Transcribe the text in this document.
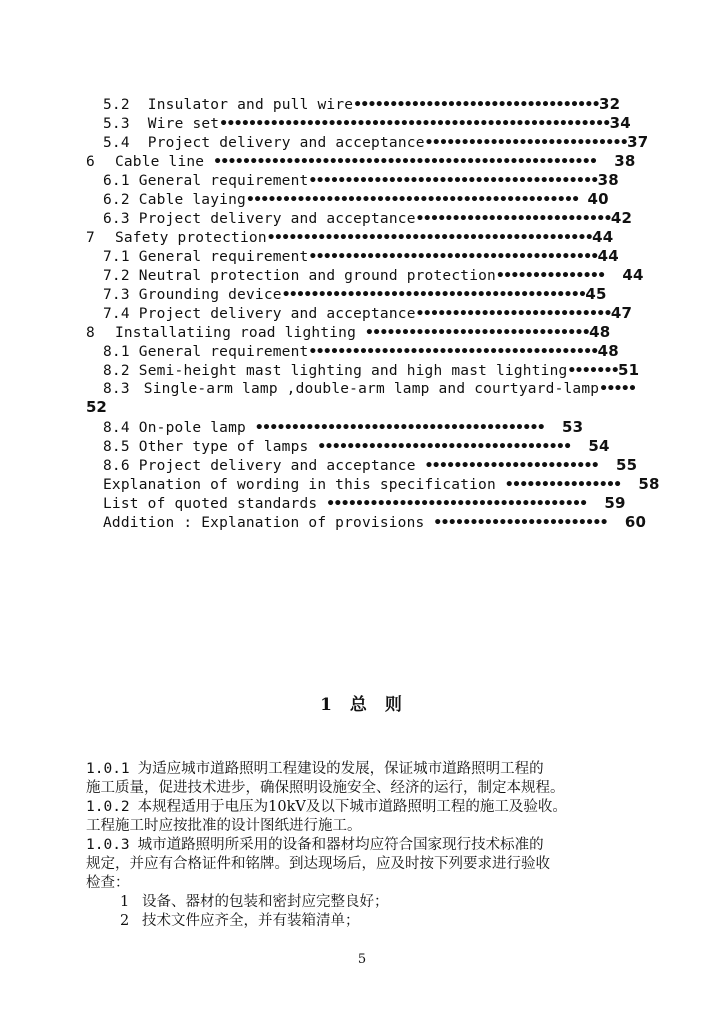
5.2 Insulator and pull wire••••••••••••••••••••••••••••••••••32
5.3 Wire set••••••••••••••••••••••••••••••••••••••••••••••••••••••34
5.4 Project delivery and acceptance••••••••••••••••••••••••••••37
6 Cable line ••••••••••••••••••••••••••••••••••••••••••••••••••••• 38
6.1 General requirement••••••••••••••••••••••••••••••••••••••••38
6.2 Cable laying•••••••••••••••••••••••••••••••••••••••••••••• 40
6.3 Project delivery and acceptance•••••••••••••••••••••••••••42
7 Safety protection•••••••••••••••••••••••••••••••••••••••••••••44
7.1 General requirement••••••••••••••••••••••••••••••••••••••••44
7.2 Neutral protection and ground protection••••••••••••••• 44
7.3 Grounding device••••••••••••••••••••••••••••••••••••••••••45
7.4 Project delivery and acceptance•••••••••••••••••••••••••••47
8 Installatiing road lighting •••••••••••••••••••••••••••••••48
8.1 General requirement••••••••••••••••••••••••••••••••••••••••48
8.2 Semi-height mast lighting and high mast lighting•••••••51
8.3 Single-arm lamp ,double-arm lamp and courtyard-lamp•••••
52
8.4 On-pole lamp •••••••••••••••••••••••••••••••••••••••• 53
8.5 Other type of lamps ••••••••••••••••••••••••••••••••••• 54
8.6 Project delivery and acceptance •••••••••••••••••••••••• 55
Explanation of wording in this specification •••••••••••••••• 58
List of quoted standards •••••••••••••••••••••••••••••••••••• 59
Addition : Explanation of provisions •••••••••••••••••••••••• 60
1 总 则

1.0.1 为适应城市道路照明工程建设的发展，保证城市道路照明工程的

施工质量，促进技术进步，确保照明设施安全、经济的运行，制定本规程。

1.0.2 本规程适用于电压为10kV及以下城市道路照明工程的施工及验收。

工程施工时应按批准的设计图纸进行施工。

1.0.3 城市道路照明所采用的设备和器材均应符合国家现行技术标准的

规定，并应有合格证件和铭牌。到达现场后，应及时按下列要求进行验收

检查：

1 设备、器材的包装和密封应完整良好；

2 技术文件应齐全，并有装箱清单；

5
